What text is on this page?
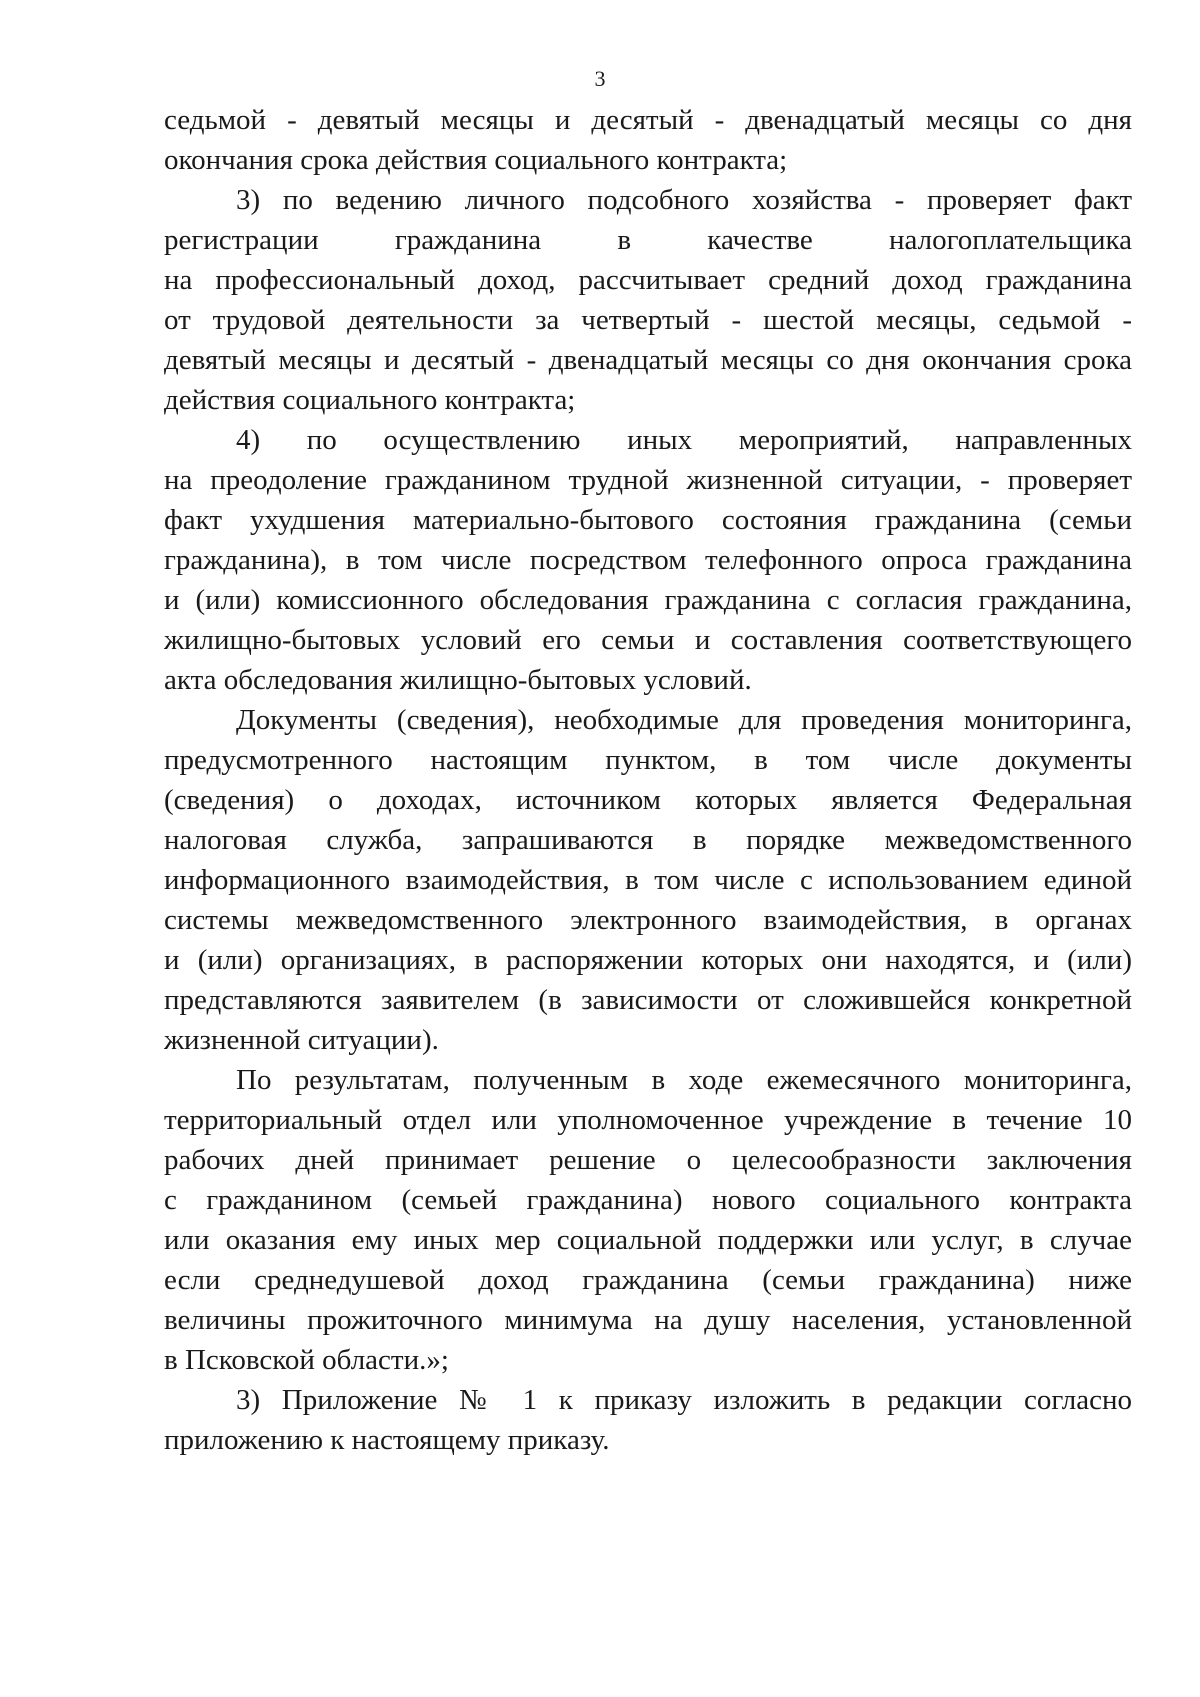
3
седьмой - девятый месяцы и десятый - двенадцатый месяцы со дня
окончания срока действия социального контракта;
3) по ведению личного подсобного хозяйства - проверяет факт
регистрации гражданина в качестве налогоплательщика
на профессиональный доход, рассчитывает средний доход гражданина
от трудовой деятельности за четвертый - шестой месяцы, седьмой -
девятый месяцы и десятый - двенадцатый месяцы со дня окончания срока
действия социального контракта;
4) по осуществлению иных мероприятий, направленных
на преодоление гражданином трудной жизненной ситуации, - проверяет
факт ухудшения материально-бытового состояния гражданина (семьи
гражданина), в том числе посредством телефонного опроса гражданина
и (или) комиссионного обследования гражданина с согласия гражданина,
жилищно-бытовых условий его семьи и составления соответствующего
акта обследования жилищно-бытовых условий.
Документы (сведения), необходимые для проведения мониторинга,
предусмотренного настоящим пунктом, в том числе документы
(сведения) о доходах, источником которых является Федеральная
налоговая служба, запрашиваются в порядке межведомственного
информационного взаимодействия, в том числе с использованием единой
системы межведомственного электронного взаимодействия, в органах
и (или) организациях, в распоряжении которых они находятся, и (или)
представляются заявителем (в зависимости от сложившейся конкретной
жизненной ситуации).
По результатам, полученным в ходе ежемесячного мониторинга,
территориальный отдел или уполномоченное учреждение в течение 10
рабочих дней принимает решение о целесообразности заключения
с гражданином (семьей гражданина) нового социального контракта
или оказания ему иных мер социальной поддержки или услуг, в случае
если среднедушевой доход гражданина (семьи гражданина) ниже
величины прожиточного минимума на душу населения, установленной
в Псковской области.»;
3) Приложение № 1 к приказу изложить в редакции согласно
приложению к настоящему приказу.
